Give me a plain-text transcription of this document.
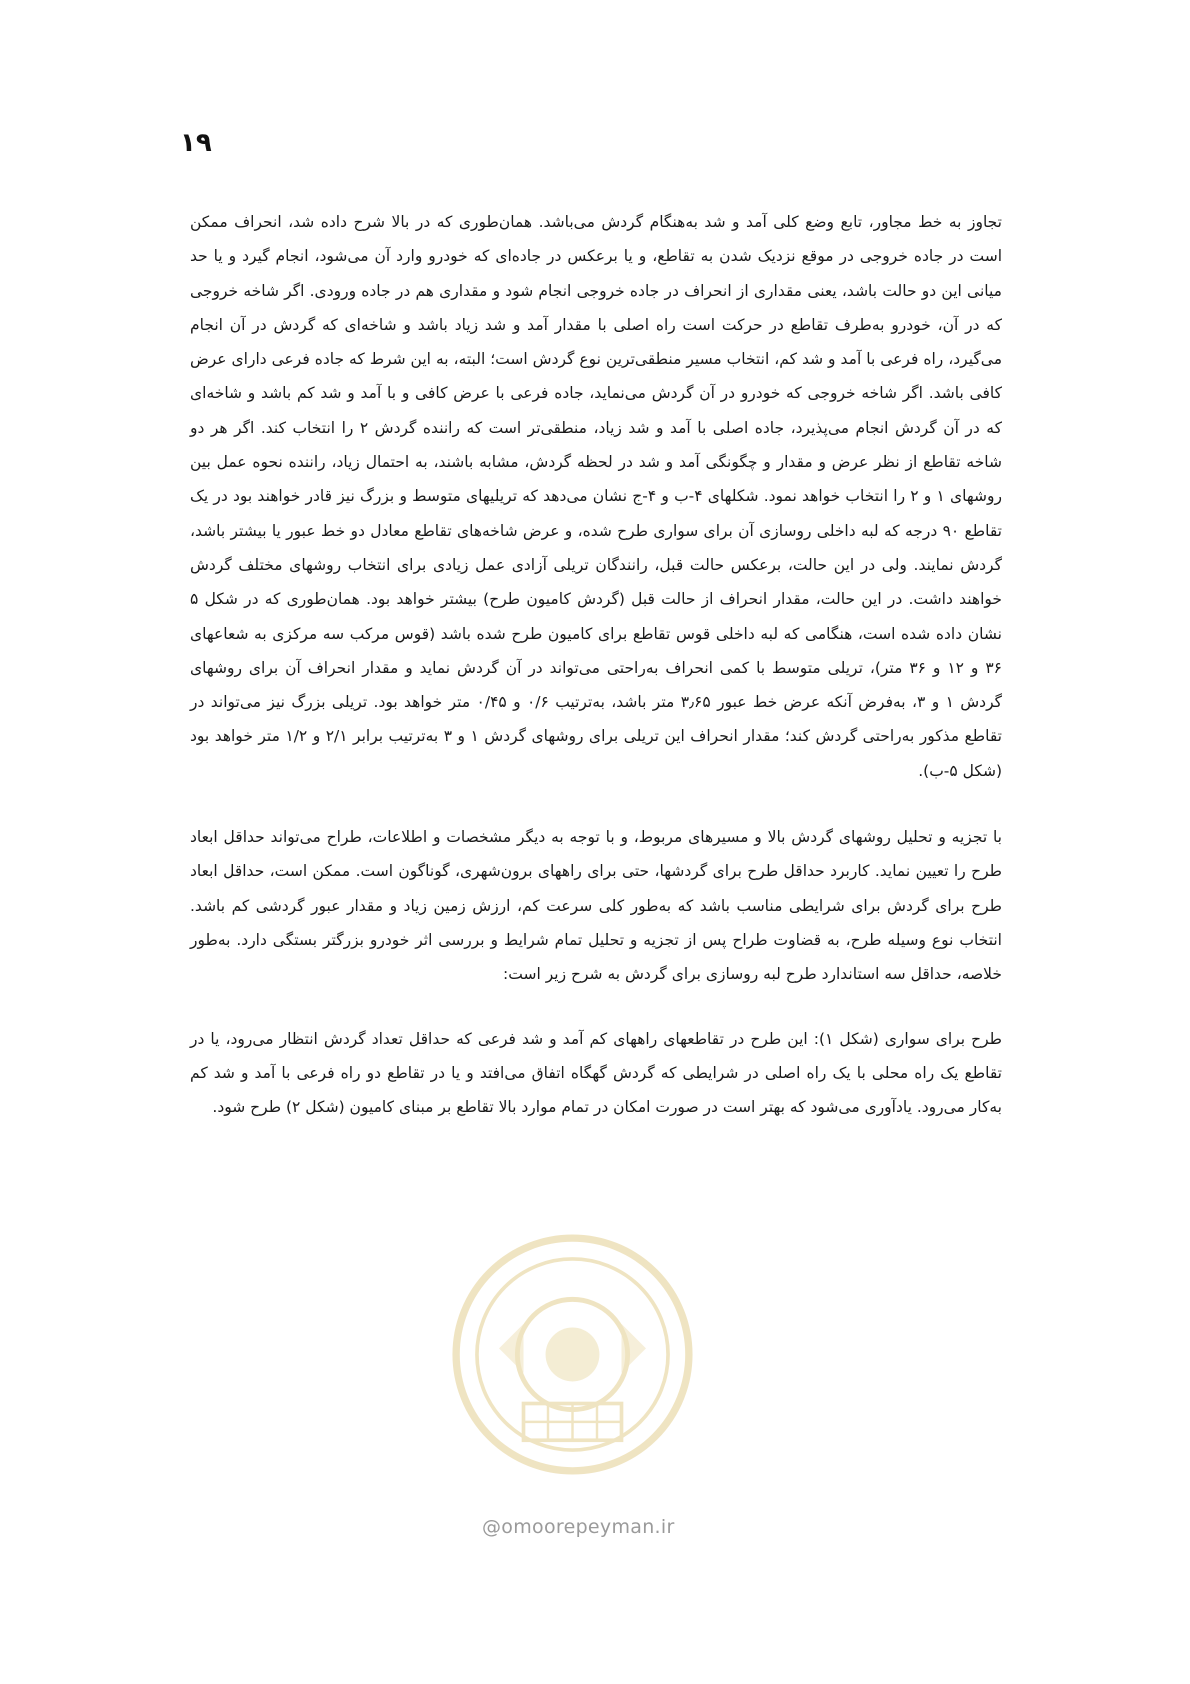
۱۹

تجاوز به خط مجاور، تابع وضع کلی آمد و شد به‌هنگام گردش می‌باشد. همان‌طوری که در بالا شرح داده شد، انحراف ممکن است در جاده خروجی در موقع نزدیک شدن به تقاطع، و یا برعکس در جاده‌ای که خودرو وارد آن می‌شود، انجام گیرد و یا حد میانی این دو حالت باشد، یعنی مقداری از انحراف در جاده خروجی انجام شود و مقداری هم در جاده ورودی. اگر شاخه خروجی که در آن، خودرو به‌طرف تقاطع در حرکت است راه اصلی با مقدار آمد و شد زیاد باشد و شاخه‌ای که گردش در آن انجام می‌گیرد، راه فرعی با آمد و شد کم، انتخاب مسیر منطقی‌ترین نوع گردش است؛ البته، به این شرط که جاده فرعی دارای عرض کافی باشد. اگر شاخه خروجی که خودرو در آن گردش می‌نماید، جاده فرعی با عرض کافی و با آمد و شد کم باشد و شاخه‌ای که در آن گردش انجام می‌پذیرد، جاده اصلی با آمد و شد زیاد، منطقی‌تر است که راننده گردش ۲ را انتخاب کند. اگر هر دو شاخه تقاطع از نظر عرض و مقدار و چگونگی آمد و شد در لحظه گردش، مشابه باشند، به احتمال زیاد، راننده نحوه عمل بین روشهای ۱ و ۲ را انتخاب خواهد نمود. شکلهای ۴-ب و ۴-ج نشان می‌دهد که تریلیهای متوسط و بزرگ نیز قادر خواهند بود در یک تقاطع ۹۰ درجه که لبه داخلی روسازی آن برای سواری طرح شده، و عرض شاخه‌های تقاطع معادل دو خط عبور یا بیشتر باشد، گردش نمایند. ولی در این حالت، برعکس حالت قبل، رانندگان تریلی آزادی عمل زیادی برای انتخاب روشهای مختلف گردش خواهند داشت. در این حالت، مقدار انحراف از حالت قبل (گردش کامیون طرح) بیشتر خواهد بود. همان‌طوری که در شکل ۵ نشان داده شده است، هنگامی که لبه داخلی قوس تقاطع برای کامیون طرح شده باشد (قوس مرکب سه مرکزی به شعاعهای ۳۶ و ۱۲ و ۳۶ متر)، تریلی متوسط با کمی انحراف به‌راحتی می‌تواند در آن گردش نماید و مقدار انحراف آن برای روشهای گردش ۱ و ۳، به‌فرض آنکه عرض خط عبور ۳٫۶۵ متر باشد، به‌ترتیب ۰/۶ و ۰/۴۵ متر خواهد بود. تریلی بزرگ نیز می‌تواند در تقاطع مذکور به‌راحتی گردش کند؛ مقدار انحراف این تریلی برای روشهای گردش ۱ و ۳ به‌ترتیب برابر ۲/۱ و ۱/۲ متر خواهد بود (شکل ۵-ب).

با تجزیه و تحلیل روشهای گردش بالا و مسیرهای مربوط، و با توجه به دیگر مشخصات و اطلاعات، طراح می‌تواند حداقل ابعاد طرح را تعیین نماید. کاربرد حداقل طرح برای گردشها، حتی برای راههای برون‌شهری، گوناگون است. ممکن است، حداقل ابعاد طرح برای گردش برای شرایطی مناسب باشد که به‌طور کلی سرعت کم، ارزش زمین زیاد و مقدار عبور گردشی کم باشد. انتخاب نوع وسیله طرح، به قضاوت طراح پس از تجزیه و تحلیل تمام شرایط و بررسی اثر خودرو بزرگتر بستگی دارد. به‌طور خلاصه، حداقل سه استاندارد طرح لبه روسازی برای گردش به شرح زیر است:

طرح برای سواری (شکل ۱): این طرح در تقاطعهای راههای کم آمد و شد فرعی که حداقل تعداد گردش انتظار می‌رود، یا در تقاطع یک راه محلی با یک راه اصلی در شرایطی که گردش گهگاه اتفاق می‌افتد و یا در تقاطع دو راه فرعی با آمد و شد کم به‌کار می‌رود. یادآوری می‌شود که بهتر است در صورت امکان در تمام موارد بالا تقاطع بر مبنای کامیون (شکل ۲) طرح شود.

@omoorepeyman.ir
